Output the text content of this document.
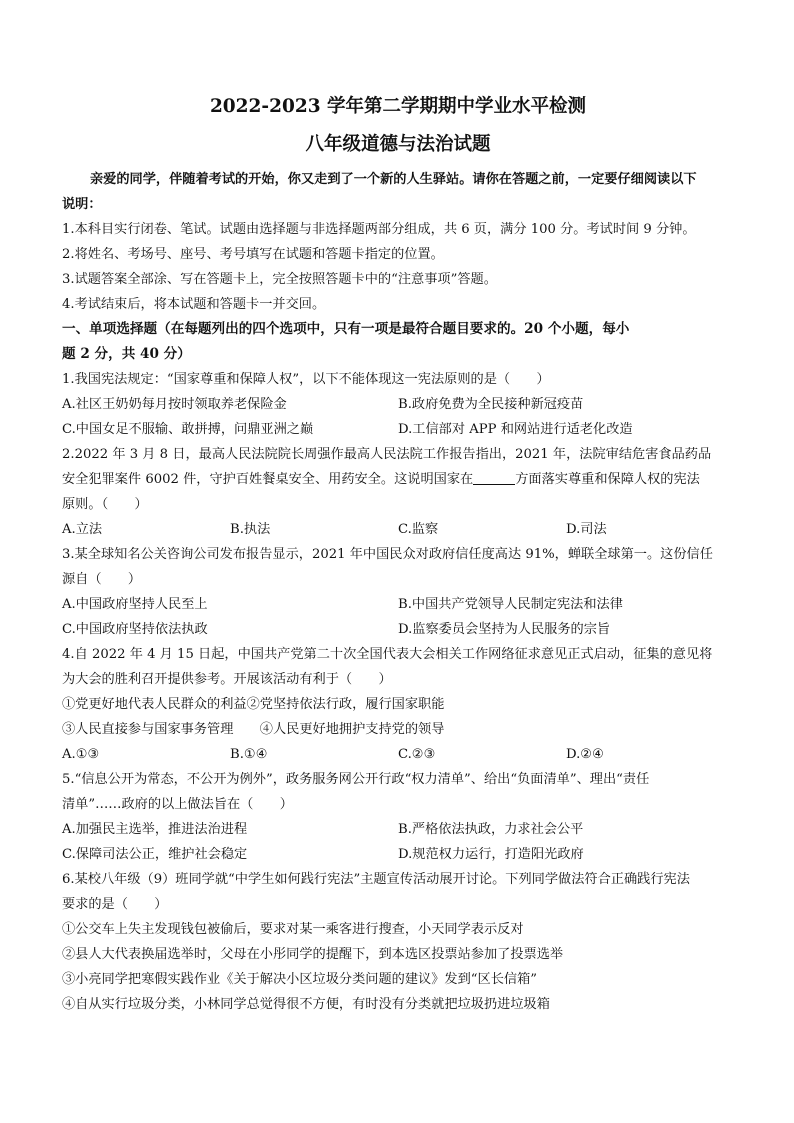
2022-2023 学年第二学期期中学业水平检测

八年级道德与法治试题

亲爱的同学，伴随着考试的开始，你又走到了一个新的人生驿站。请你在答题之前，一定要仔细阅读以下

说明：

1.本科目实行闭卷、笔试。试题由选择题与非选择题两部分组成，共 6 页，满分 100 分。考试时间 9 分钟。

2.将姓名、考场号、座号、考号填写在试题和答题卡指定的位置。

3.试题答案全部涂、写在答题卡上，完全按照答题卡中的“注意事项”答题。

4.考试结束后，将本试题和答题卡一并交回。

一、单项选择题（在每题列出的四个选项中，只有一项是最符合题目要求的。20 个小题，每小

题 2 分，共 40 分）

1.我国宪法规定：“国家尊重和保障人权”，以下不能体现这一宪法原则的是（　　）

A.社区王奶奶每月按时领取养老保险金	B.政府免费为全民接种新冠疫苗
C.中国女足不服输、敢拼搏，问鼎亚洲之巅	D.工信部对 APP 和网站进行适老化改造

2.2022 年 3 月 8 日，最高人民法院院长周强作最高人民法院工作报告指出，2021 年，法院审结危害食品药品

安全犯罪案件 6002 件，守护百姓餐桌安全、用药安全。这说明国家在	方面落实尊重和保障人权的宪法

原则。（　　）

A.立法	B.执法	C.监察	D.司法

3.某全球知名公关咨询公司发布报告显示，2021 年中国民众对政府信任度高达 91%，蝉联全球第一。这份信任

源自（　　）

A.中国政府坚持人民至上	B.中国共产党领导人民制定宪法和法律
C.中国政府坚持依法执政	D.监察委员会坚持为人民服务的宗旨

4.自 2022 年 4 月 15 日起，中国共产党第二十次全国代表大会相关工作网络征求意见正式启动，征集的意见将

为大会的胜利召开提供参考。开展该活动有利于（　　）

①党更好地代表人民群众的利益②党坚持依法行政，履行国家职能

③人民直接参与国家事务管理　　④人民更好地拥护支持党的领导

A.①③	B.①④	C.②③	D.②④

5.“信息公开为常态，不公开为例外”，政务服务网公开行政“权力清单”、给出“负面清单”、理出“责任

清单”……政府的以上做法旨在（　　）

A.加强民主选举，推进法治进程	B.严格依法执政，力求社会公平
C.保障司法公正，维护社会稳定	D.规范权力运行，打造阳光政府

6.某校八年级（9）班同学就“中学生如何践行宪法”主题宣传活动展开讨论。下列同学做法符合正确践行宪法

要求的是（　　）

①公交车上失主发现钱包被偷后，要求对某一乘客进行搜查，小天同学表示反对

②县人大代表换届选举时，父母在小彤同学的提醒下，到本选区投票站参加了投票选举

③小亮同学把寒假实践作业《关于解决小区垃圾分类问题的建议》发到“区长信箱”

④自从实行垃圾分类，小林同学总觉得很不方便，有时没有分类就把垃圾扔进垃圾箱
